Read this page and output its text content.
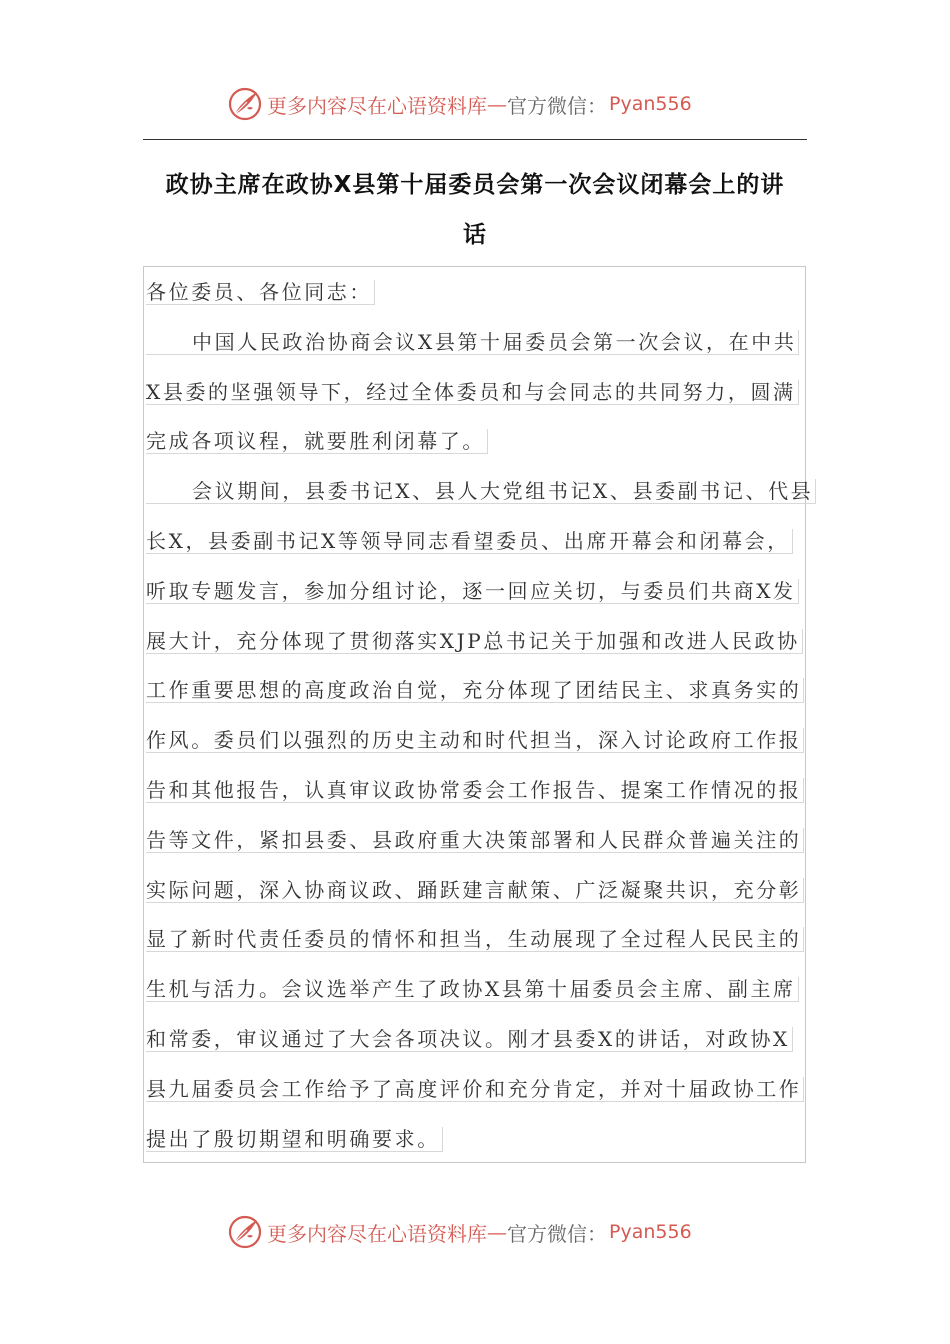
更多内容尽在心语资料库 — 官方微信： Pyan556
政协主席在政协X县第十届委员会第一次会议闭幕会上的讲
话
各位委员、各位同志：
中国人民政治协商会议X县第十届委员会第一次会议，在中共
X县委的坚强领导下，经过全体委员和与会同志的共同努力，圆满
完成各项议程，就要胜利闭幕了。
会议期间，县委书记X、县人大党组书记X、县委副书记、代县
长X，县委副书记X等领导同志看望委员、出席开幕会和闭幕会，
听取专题发言，参加分组讨论，逐一回应关切，与委员们共商X发
展大计，充分体现了贯彻落实XJP总书记关于加强和改进人民政协
工作重要思想的高度政治自觉，充分体现了团结民主、求真务实的
作风。委员们以强烈的历史主动和时代担当，深入讨论政府工作报
告和其他报告，认真审议政协常委会工作报告、提案工作情况的报
告等文件，紧扣县委、县政府重大决策部署和人民群众普遍关注的
实际问题，深入协商议政、踊跃建言献策、广泛凝聚共识，充分彰
显了新时代责任委员的情怀和担当，生动展现了全过程人民民主的
生机与活力。会议选举产生了政协X县第十届委员会主席、副主席
和常委，审议通过了大会各项决议。刚才县委X的讲话，对政协X
县九届委员会工作给予了高度评价和充分肯定，并对十届政协工作
提出了殷切期望和明确要求。
更多内容尽在心语资料库 — 官方微信： Pyan556
